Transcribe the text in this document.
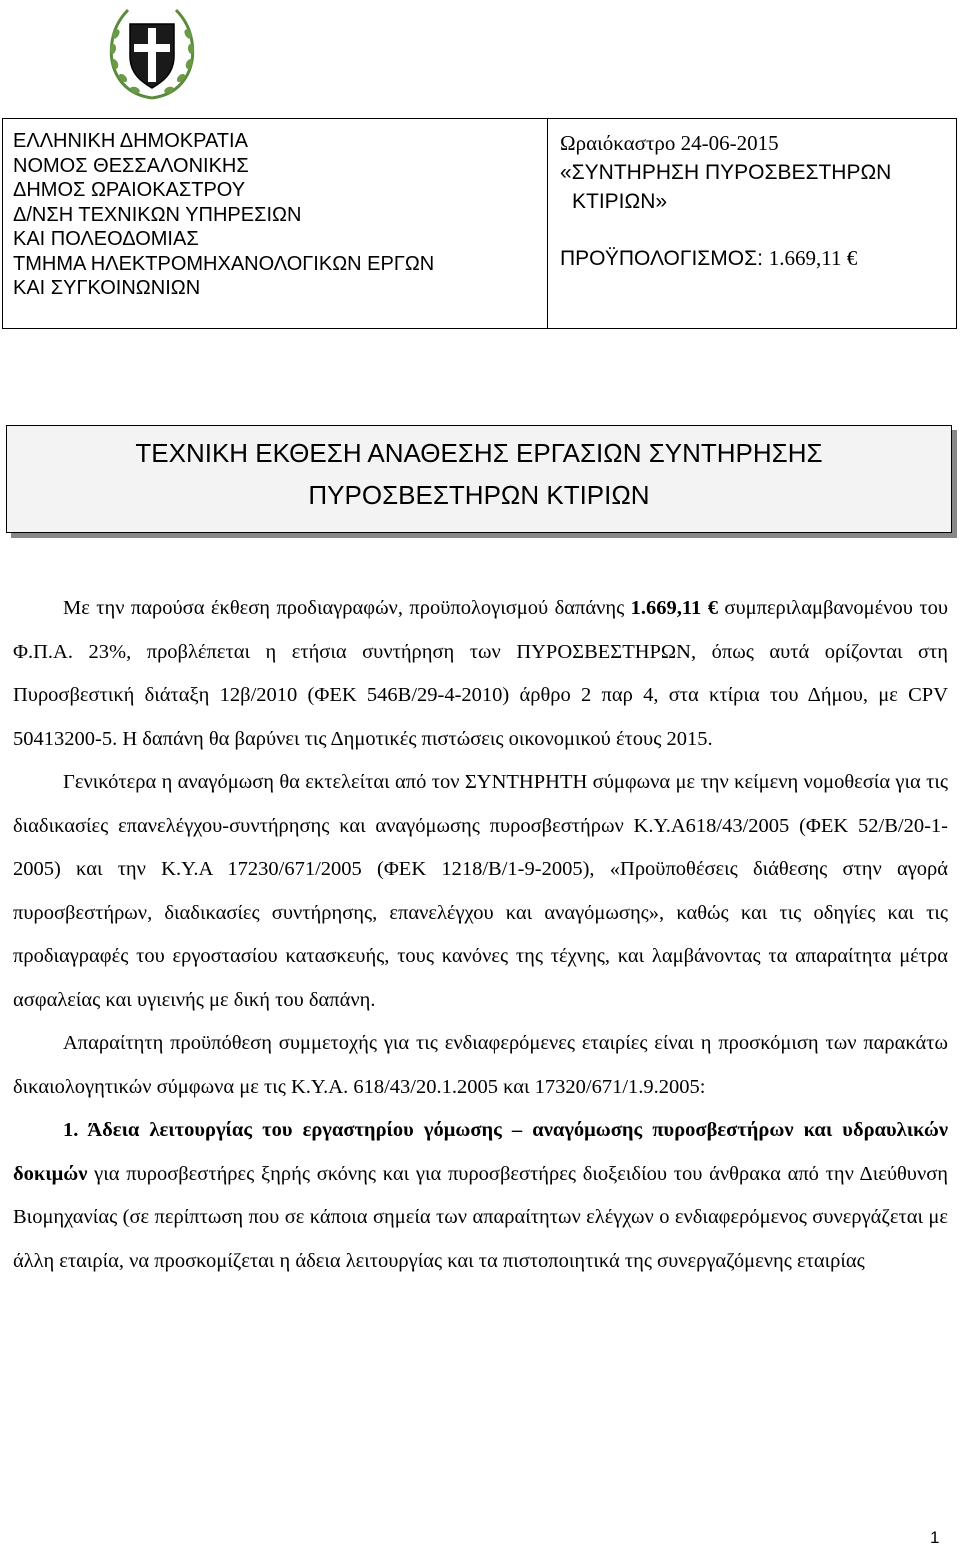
ΕΛΛΗΝΙΚΗ ΔΗΜΟΚΡΑΤΙΑ
ΝΟΜΟΣ ΘΕΣΣΑΛΟΝΙΚΗΣ
ΔΗΜΟΣ ΩΡΑΙΟΚΑΣΤΡΟΥ
Δ/ΝΣΗ ΤΕΧΝΙΚΩΝ ΥΠΗΡΕΣΙΩΝ
ΚΑΙ ΠΟΛΕΟΔΟΜΙΑΣ
ΤΜΗΜΑ ΗΛΕΚΤΡΟΜΗΧΑΝΟΛΟΓΙΚΩΝ ΕΡΓΩΝ
ΚΑΙ ΣΥΓΚΟΙΝΩΝΙΩΝ
Ωραιόκαστρο 24-06-2015
«ΣΥΝΤΗΡΗΣΗ ΠΥΡΟΣΒΕΣΤΗΡΩΝ
ΚΤΙΡΙΩΝ»
ΠΡΟΫΠΟΛΟΓΙΣΜΟΣ: 1.669,11 €
ΤΕΧΝΙΚΗ ΕΚΘΕΣΗ ΑΝΑΘΕΣΗΣ ΕΡΓΑΣΙΩΝ ΣΥΝΤΗΡΗΣΗΣ
ΠΥΡΟΣΒΕΣΤΗΡΩΝ ΚΤΙΡΙΩΝ

Με την παρούσα έκθεση προδιαγραφών, προϋπολογισμού δαπάνης 1.669,11 € συμπεριλαμβανομένου του Φ.Π.Α. 23%, προβλέπεται η ετήσια συντήρηση των ΠΥΡΟΣΒΕΣΤΗΡΩΝ, όπως αυτά ορίζονται στη Πυροσβεστική διάταξη 12β/2010 (ΦΕΚ 546Β/29-4-2010) άρθρο 2 παρ 4, στα κτίρια του Δήμου, με CPV 50413200-5. Η δαπάνη θα βαρύνει τις Δημοτικές πιστώσεις οικονομικού έτους 2015.

Γενικότερα η αναγόμωση θα εκτελείται από τον ΣΥΝΤΗΡΗΤΗ σύμφωνα με την κείμενη νομοθεσία για τις διαδικασίες επανελέγχου-συντήρησης και αναγόμωσης πυροσβεστήρων Κ.Υ.Α618/43/2005 (ΦΕΚ 52/Β/20-1-2005) και την Κ.Υ.Α 17230/671/2005 (ΦΕΚ 1218/Β/1-9-2005), «Προϋποθέσεις διάθεσης στην αγορά πυροσβεστήρων, διαδικασίες συντήρησης, επανελέγχου και αναγόμωσης», καθώς και τις οδηγίες και τις προδιαγραφές του εργοστασίου κατασκευής, τους κανόνες της τέχνης, και λαμβάνοντας τα απαραίτητα μέτρα ασφαλείας και υγιεινής με δική του δαπάνη.

Απαραίτητη προϋπόθεση συμμετοχής για τις ενδιαφερόμενες εταιρίες είναι η προσκόμιση των παρακάτω δικαιολογητικών σύμφωνα με τις Κ.Υ.Α. 618/43/20.1.2005 και 17320/671/1.9.2005:

1. Άδεια λειτουργίας του εργαστηρίου γόμωσης – αναγόμωσης πυροσβεστήρων και υδραυλικών δοκιμών για πυροσβεστήρες ξηρής σκόνης και για πυροσβεστήρες διοξειδίου του άνθρακα από την Διεύθυνση Βιομηχανίας (σε περίπτωση που σε κάποια σημεία των απαραίτητων ελέγχων ο ενδιαφερόμενος συνεργάζεται με άλλη εταιρία, να προσκομίζεται η άδεια λειτουργίας και τα πιστοποιητικά της συνεργαζόμενης εταιρίας

1
